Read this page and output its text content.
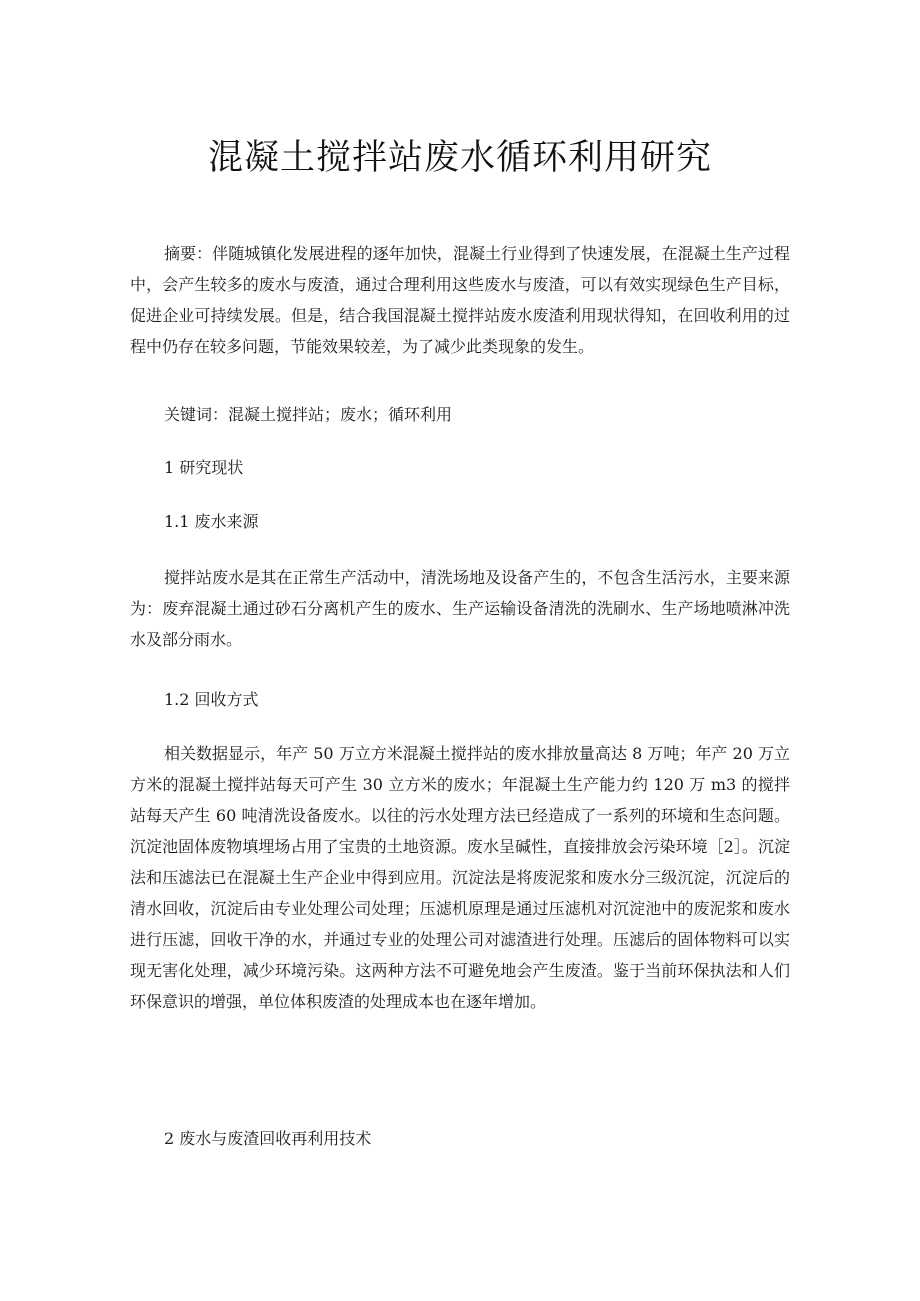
混凝土搅拌站废水循环利用研究

摘要：伴随城镇化发展进程的逐年加快，混凝土行业得到了快速发展，在混凝土生产过程中，会产生较多的废水与废渣，通过合理利用这些废水与废渣，可以有效实现绿色生产目标，促进企业可持续发展。但是，结合我国混凝土搅拌站废水废渣利用现状得知，在回收利用的过程中仍存在较多问题，节能效果较差，为了减少此类现象的发生。

关键词：混凝土搅拌站；废水；循环利用

1 研究现状

1.1 废水来源

搅拌站废水是其在正常生产活动中，清洗场地及设备产生的，不包含生活污水，主要来源为：废弃混凝土通过砂石分离机产生的废水、生产运输设备清洗的洗刷水、生产场地喷淋冲洗水及部分雨水。

1.2 回收方式

相关数据显示，年产 50 万立方米混凝土搅拌站的废水排放量高达 8 万吨；年产 20 万立方米的混凝土搅拌站每天可产生 30 立方米的废水；年混凝土生产能力约 120 万 m3 的搅拌站每天产生 60 吨清洗设备废水。以往的污水处理方法已经造成了一系列的环境和生态问题。沉淀池固体废物填埋场占用了宝贵的土地资源。废水呈碱性，直接排放会污染环境［2］。沉淀法和压滤法已在混凝土生产企业中得到应用。沉淀法是将废泥浆和废水分三级沉淀，沉淀后的清水回收，沉淀后由专业处理公司处理；压滤机原理是通过压滤机对沉淀池中的废泥浆和废水进行压滤，回收干净的水，并通过专业的处理公司对滤渣进行处理。压滤后的固体物料可以实现无害化处理，减少环境污染。这两种方法不可避免地会产生废渣。鉴于当前环保执法和人们环保意识的增强，单位体积废渣的处理成本也在逐年增加。

2 废水与废渣回收再利用技术
